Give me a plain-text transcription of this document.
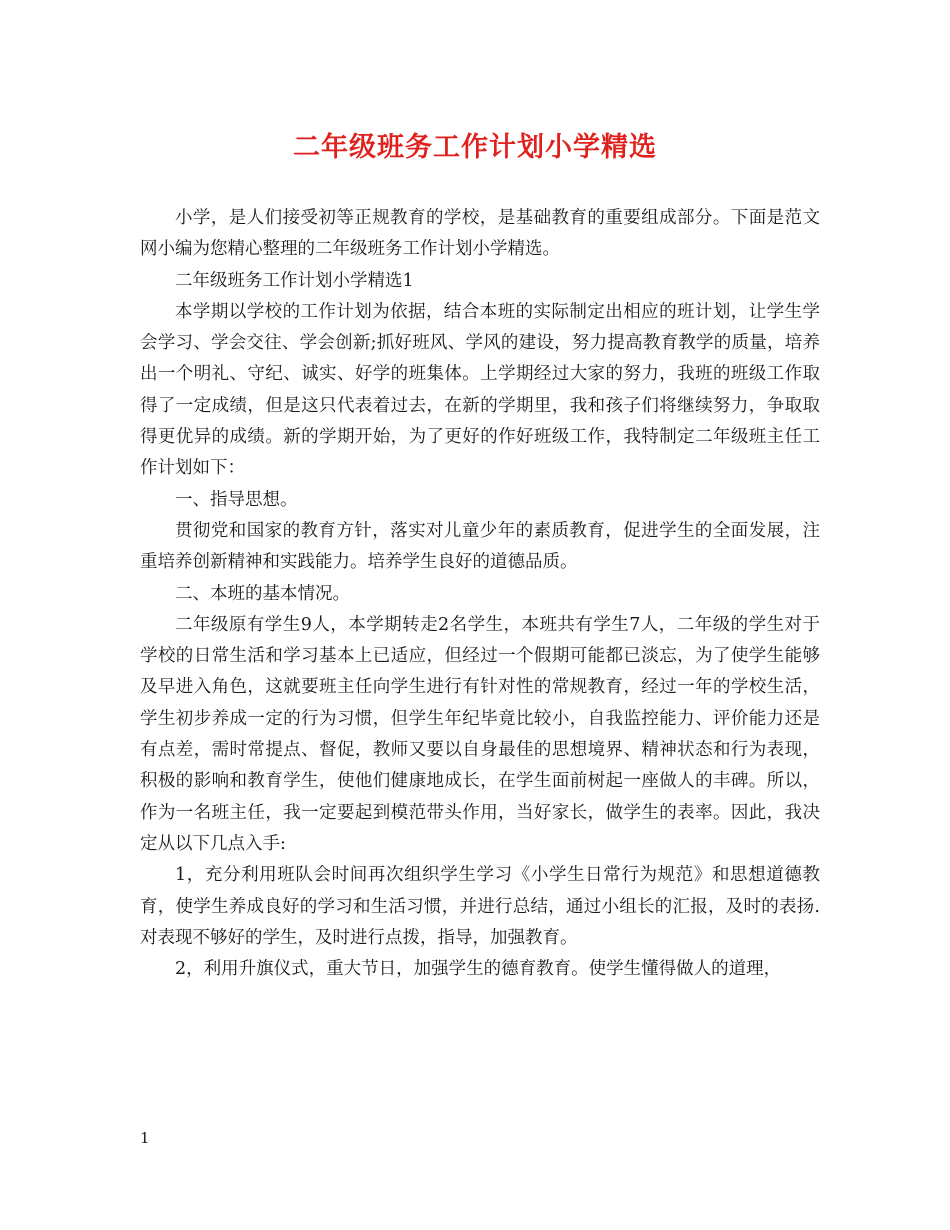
二年级班务工作计划小学精选

小学，是人们接受初等正规教育的学校，是基础教育的重要组成部分。下面是范文网小编为您精心整理的二年级班务工作计划小学精选。

二年级班务工作计划小学精选1

本学期以学校的工作计划为依据，结合本班的实际制定出相应的班计划，让学生学会学习、学会交往、学会创新;抓好班风、学风的建设，努力提高教育教学的质量，培养出一个明礼、守纪、诚实、好学的班集体。上学期经过大家的努力，我班的班级工作取得了一定成绩，但是这只代表着过去，在新的学期里，我和孩子们将继续努力，争取取得更优异的成绩。新的学期开始，为了更好的作好班级工作，我特制定二年级班主任工作计划如下：

一、指导思想。

贯彻党和国家的教育方针，落实对儿童少年的素质教育，促进学生的全面发展，注重培养创新精神和实践能力。培养学生良好的道德品质。

二、本班的基本情况。

二年级原有学生9人，本学期转走2名学生，本班共有学生7人，二年级的学生对于学校的日常生活和学习基本上已适应，但经过一个假期可能都已淡忘，为了使学生能够及早进入角色，这就要班主任向学生进行有针对性的常规教育，经过一年的学校生活，学生初步养成一定的行为习惯，但学生年纪毕竟比较小，自我监控能力、评价能力还是有点差，需时常提点、督促，教师又要以自身最佳的思想境界、精神状态和行为表现，积极的影响和教育学生，使他们健康地成长，在学生面前树起一座做人的丰碑。所以，作为一名班主任，我一定要起到模范带头作用，当好家长，做学生的表率。因此，我决定从以下几点入手:

1，充分利用班队会时间再次组织学生学习《小学生日常行为规范》和思想道德教育，使学生养成良好的学习和生活习惯，并进行总结，通过小组长的汇报，及时的表扬.对表现不够好的学生，及时进行点拨，指导，加强教育。

2，利用升旗仪式，重大节日，加强学生的德育教育。使学生懂得做人的道理，

1
